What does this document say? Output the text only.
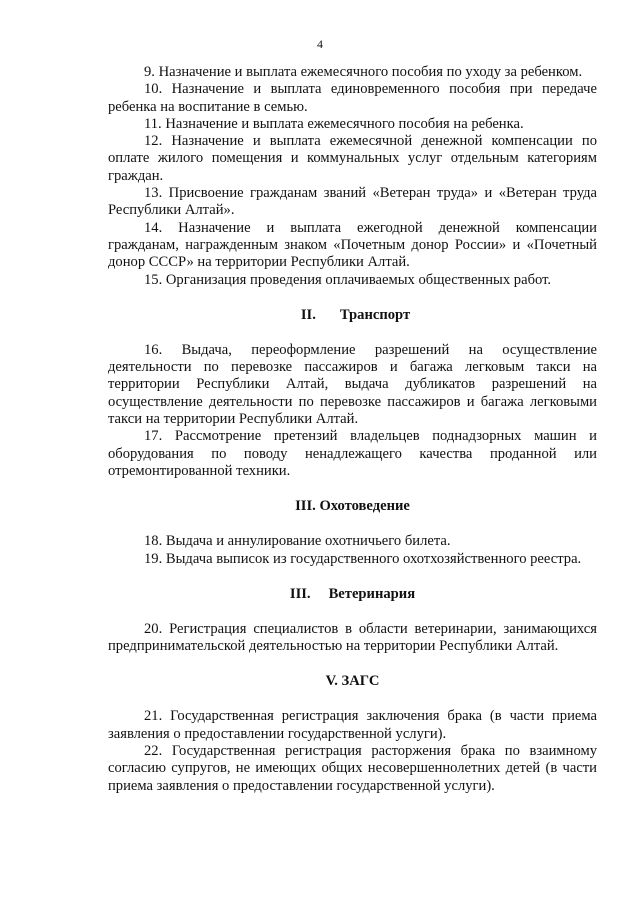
4

9. Назначение и выплата ежемесячного пособия по уходу за ребенком.

10. Назначение и выплата единовременного пособия при передаче ребенка на воспитание в семью.

11. Назначение и выплата ежемесячного пособия на ребенка.

12. Назначение и выплата ежемесячной денежной компенсации по оплате жилого помещения и коммунальных услуг отдельным категориям граждан.

13. Присвоение гражданам званий «Ветеран труда» и «Ветеран труда Республики Алтай».

14. Назначение и выплата ежегодной денежной компенсации гражданам, награжденным знаком «Почетным донор России» и «Почетный донор СССР» на территории Республики Алтай.

15. Организация проведения оплачиваемых общественных работ.

II. Транспорт

16. Выдача, переоформление разрешений на осуществление деятельности по перевозке пассажиров и багажа легковым такси на территории Республики Алтай, выдача дубликатов разрешений на осуществление деятельности по перевозке пассажиров и багажа легковыми такси на территории Республики Алтай.

17. Рассмотрение претензий владельцев поднадзорных машин и оборудования по поводу ненадлежащего качества проданной или отремонтированной техники.

III. Охотоведение

18. Выдача и аннулирование охотничьего билета.

19. Выдача выписок из государственного охотхозяйственного реестра.

III. Ветеринария

20. Регистрация специалистов в области ветеринарии, занимающихся предпринимательской деятельностью на территории Республики Алтай.

V. ЗАГС

21. Государственная регистрация заключения брака (в части приема заявления о предоставлении государственной услуги).

22. Государственная регистрация расторжения брака по взаимному согласию супругов, не имеющих общих несовершеннолетних детей (в части приема заявления о предоставлении государственной услуги).
